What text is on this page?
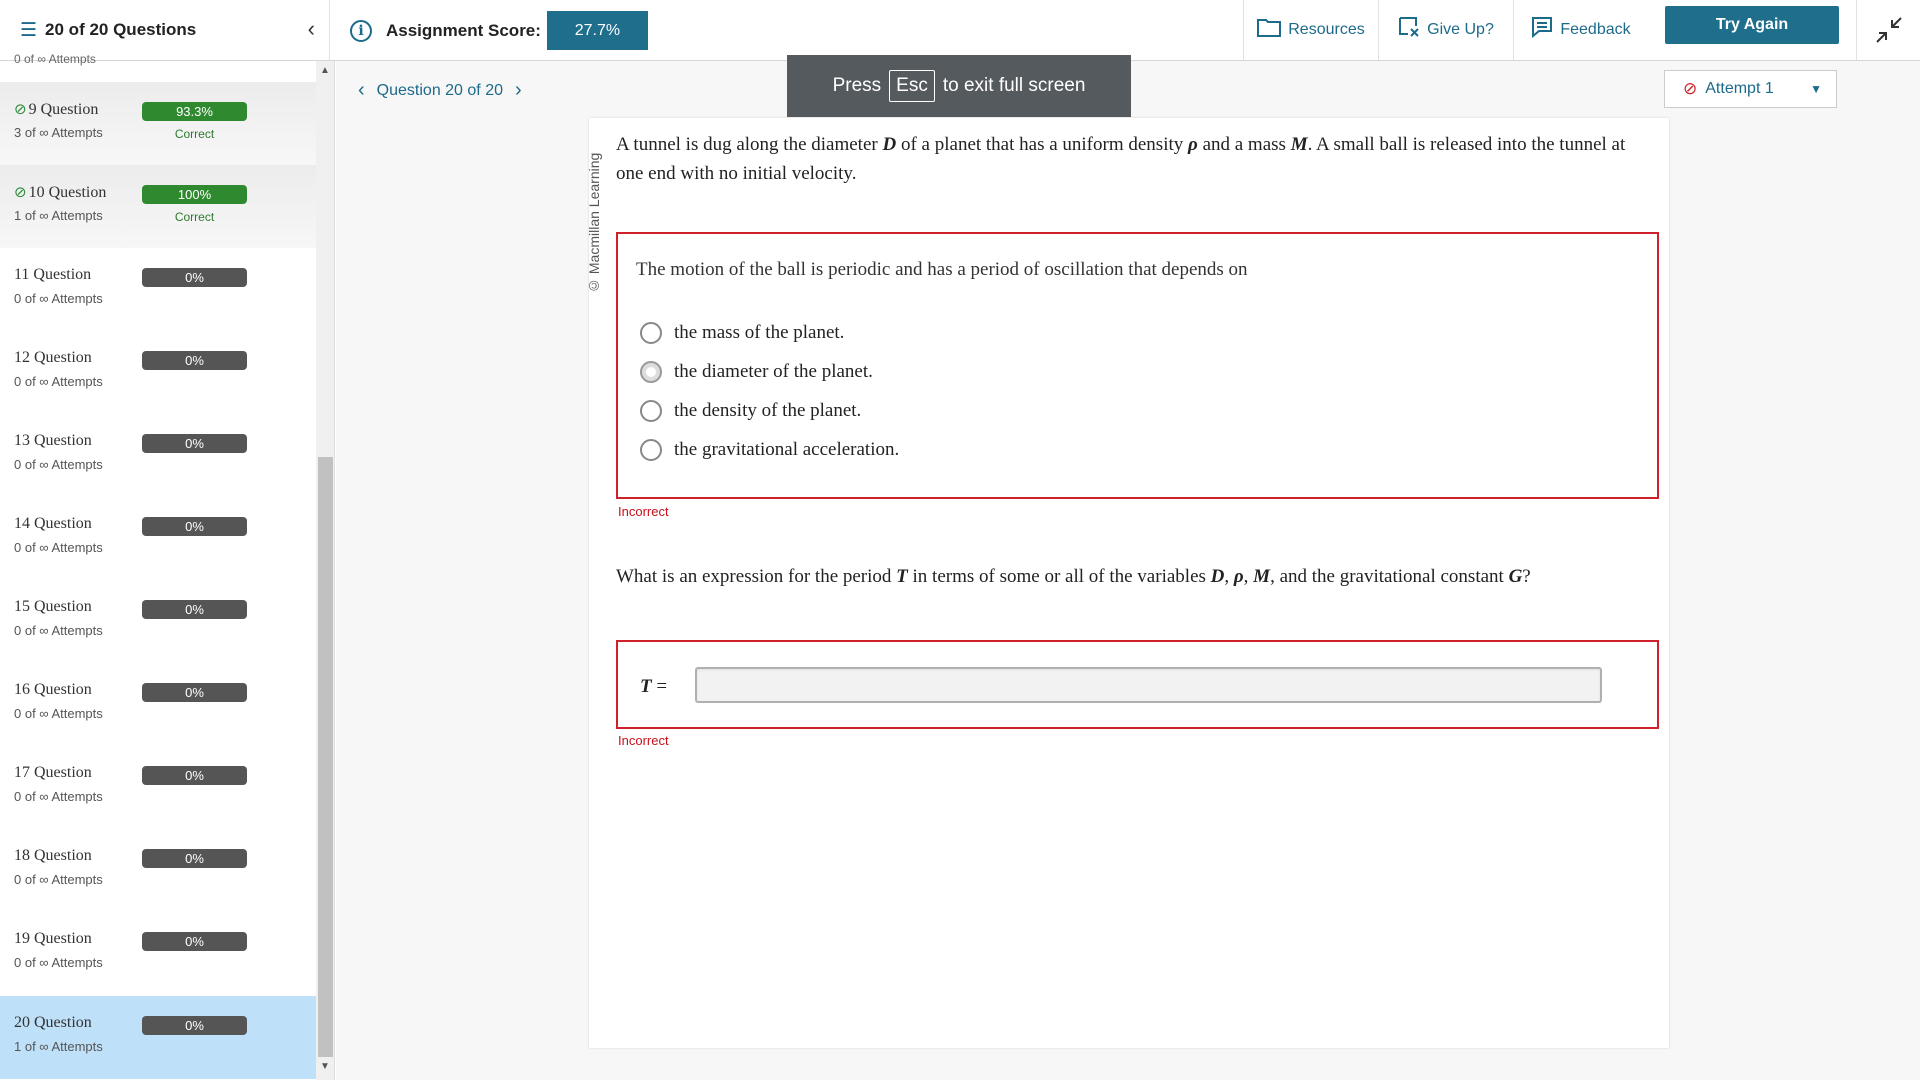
☰ 20 of 20 Questions	‹	i	Assignment Score:	27.7%	Resources	Give Up?	Feedback	Try Again
0 of ∞ Attempts
⊘ 9 Question
3 of ∞ Attempts
93.3%
Correct
⊘ 10 Question
1 of ∞ Attempts
100%
Correct
11 Question
0 of ∞ Attempts
0%
12 Question
0 of ∞ Attempts
0%
13 Question
0 of ∞ Attempts
0%
14 Question
0 of ∞ Attempts
0%
15 Question
0 of ∞ Attempts
0%
16 Question
0 of ∞ Attempts
0%
17 Question
0 of ∞ Attempts
0%
18 Question
0 of ∞ Attempts
0%
19 Question
0 of ∞ Attempts
0%
20 Question
1 of ∞ Attempts
0%
▲
▼
‹ Question 20 of 20 ›	Press Esc to exit full screen	⊘ Attempt 1	▼
© Macmillan Learning
A tunnel is dug along the diameter D of a planet that has a uniform density ρ and a mass M. A small ball is released into the tunnel at one end with no initial velocity.
The motion of the ball is periodic and has a period of oscillation that depends on
the mass of the planet.
the diameter of the planet.
the density of the planet.
the gravitational acceleration.
Incorrect
What is an expression for the period T in terms of some or all of the variables D, ρ, M, and the gravitational constant G?
T =
Incorrect
